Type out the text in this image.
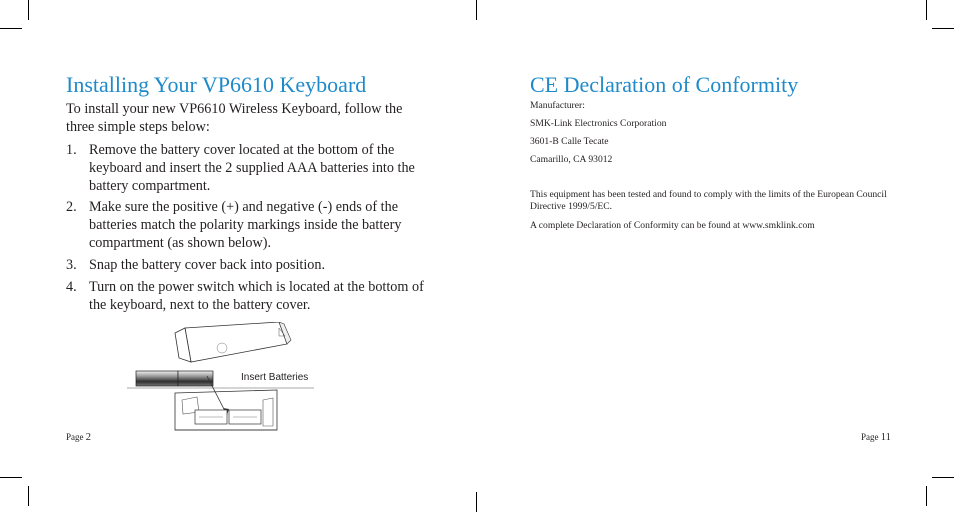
Installing Your VP6610 Keyboard
To install your new VP6610 Wireless Keyboard, follow the three simple steps below:
1. Remove the battery cover located at the bottom of the keyboard and insert the 2 supplied AAA batteries into the battery compartment.
2. Make sure the positive (+) and negative (-) ends of the batteries match the polarity markings inside the battery compartment (as shown below).
3. Snap the battery cover back into position.
4. Turn on the power switch which is located at the bottom of the keyboard, next to the battery cover.
Insert Batteries
Page 2
CE Declaration of Conformity
Manufacturer:
SMK-Link Electronics Corporation
3601-B Calle Tecate
Camarillo, CA 93012
This equipment has been tested and found to comply with the limits of the European Council Directive 1999/5/EC.
A complete Declaration of Conformity can be found at www.smklink.com
Page 11
